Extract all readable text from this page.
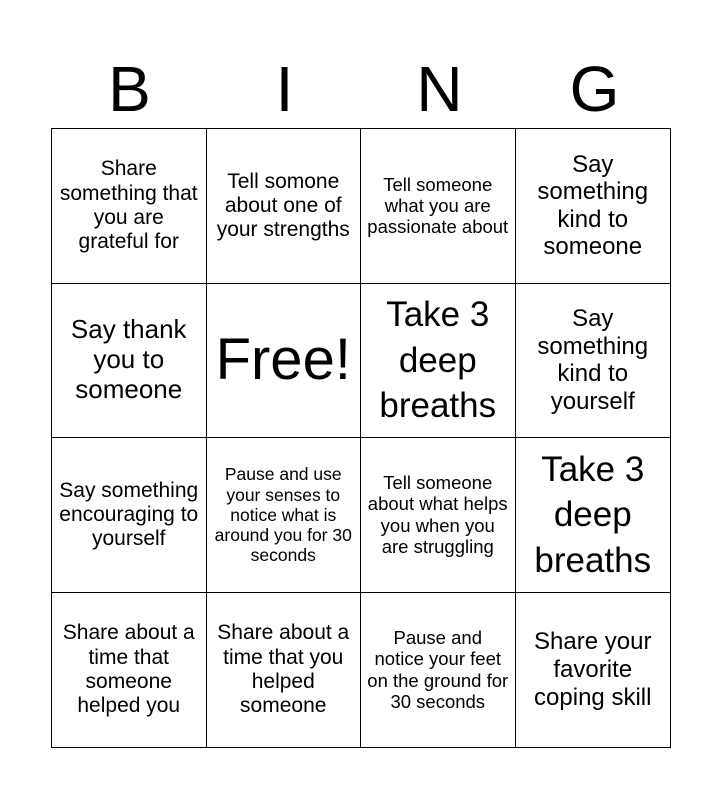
B	I	N	G
Share something that you are grateful for
Tell somone about one of your strengths
Tell someone what you are passionate about
Say something kind to someone
Say thank you to someone Free!
Take 3 deep breaths
Say something kind to yourself
Say something encouraging to yourself
Pause and use your senses to notice what is around you for 30 seconds
Tell someone about what helps you when you are struggling
Take 3 deep breaths
Share about a time that someone helped you
Share about a time that you helped someone
Pause and notice your feet on the ground for 30 seconds
Share your favorite coping skill
